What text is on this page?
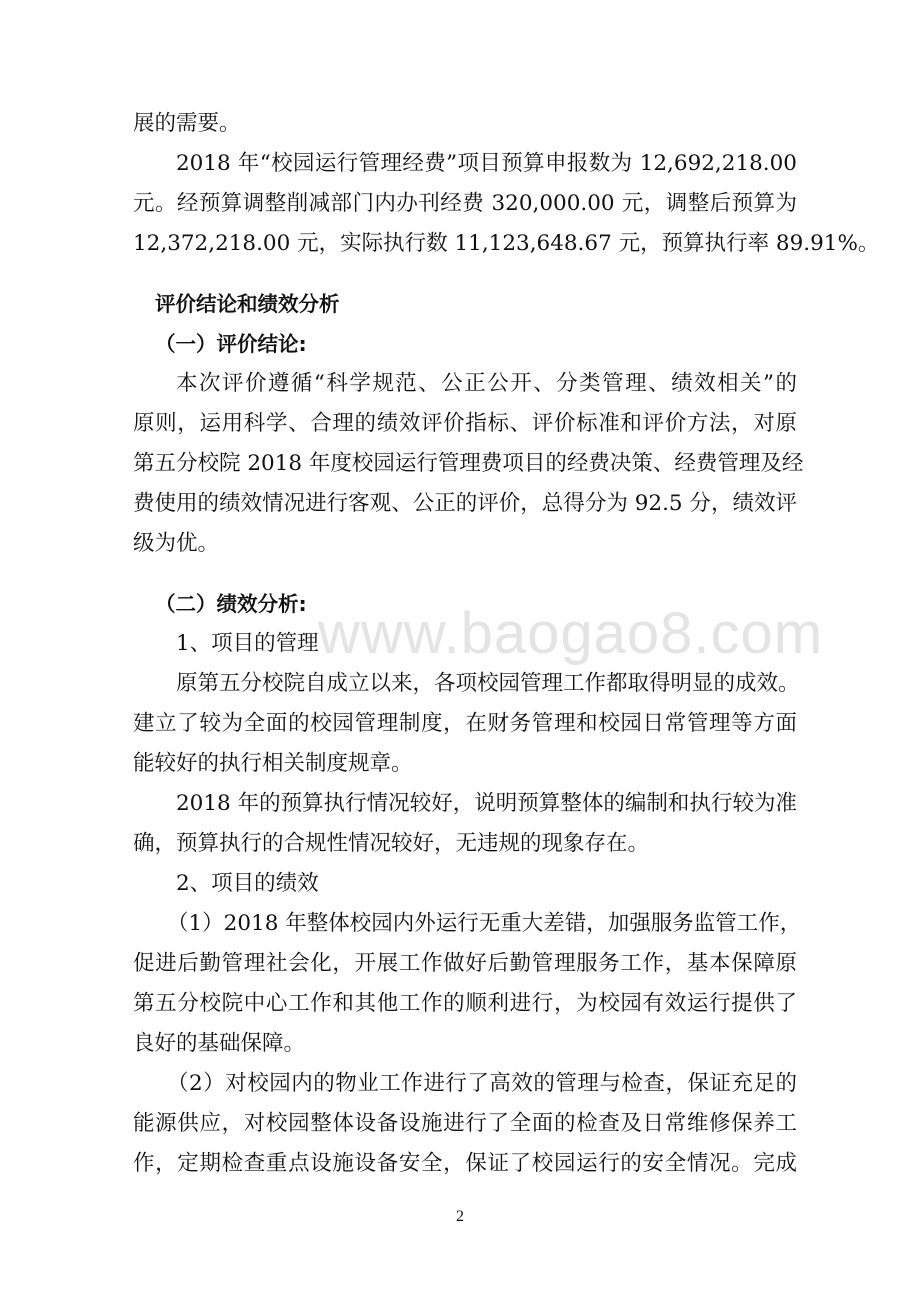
www.baogao8.com
展的需要。
2018 年“校园运行管理经费”项目预算申报数为 12,692,218.00
元。经预算调整削减部门内办刊经费 320,000.00 元，调整后预算为
12,372,218.00 元，实际执行数 11,123,648.67 元，预算执行率 89.91%。
评价结论和绩效分析
（一）评价结论:
本次评价遵循“科学规范、公正公开、分类管理、绩效相关”的
原则，运用科学、合理的绩效评价指标、评价标准和评价方法，对原
第五分校院 2018 年度校园运行管理费项目的经费决策、经费管理及经
费使用的绩效情况进行客观、公正的评价，总得分为 92.5 分，绩效评
级为优。
（二）绩效分析:
1、项目的管理
原第五分校院自成立以来，各项校园管理工作都取得明显的成效。
建立了较为全面的校园管理制度，在财务管理和校园日常管理等方面
能较好的执行相关制度规章。
2018 年的预算执行情况较好，说明预算整体的编制和执行较为准
确，预算执行的合规性情况较好，无违规的现象存在。
2、项目的绩效
（1）2018 年整体校园内外运行无重大差错，加强服务监管工作，
促进后勤管理社会化，开展工作做好后勤管理服务工作，基本保障原
第五分校院中心工作和其他工作的顺利进行，为校园有效运行提供了
良好的基础保障。
（2）对校园内的物业工作进行了高效的管理与检查，保证充足的
能源供应，对校园整体设备设施进行了全面的检查及日常维修保养工
作，定期检查重点设施设备安全，保证了校园运行的安全情况。完成
2
